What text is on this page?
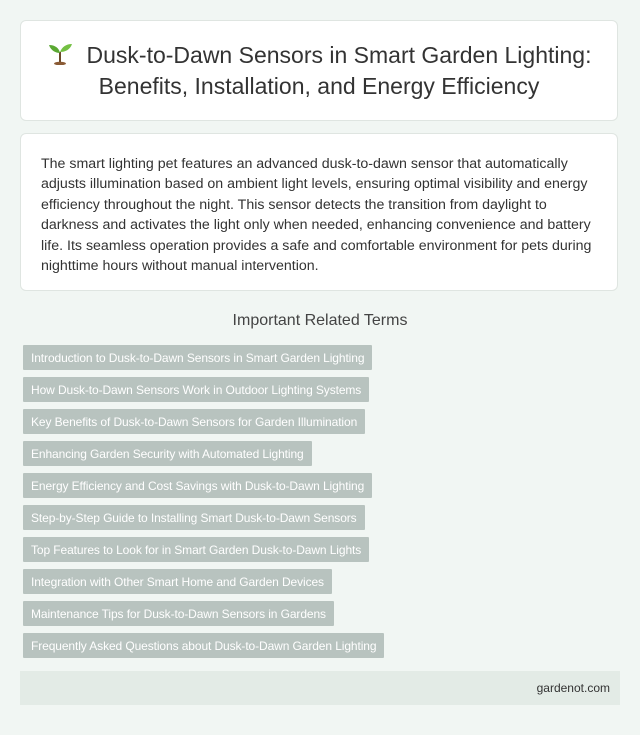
Dusk-to-Dawn Sensors in Smart Garden Lighting: Benefits, Installation, and Energy Efficiency

The smart lighting pet features an advanced dusk-to-dawn sensor that automatically adjusts illumination based on ambient light levels, ensuring optimal visibility and energy efficiency throughout the night. This sensor detects the transition from daylight to darkness and activates the light only when needed, enhancing convenience and battery life. Its seamless operation provides a safe and comfortable environment for pets during nighttime hours without manual intervention.

Important Related Terms
Introduction to Dusk-to-Dawn Sensors in Smart Garden Lighting
How Dusk-to-Dawn Sensors Work in Outdoor Lighting Systems
Key Benefits of Dusk-to-Dawn Sensors for Garden Illumination
Enhancing Garden Security with Automated Lighting
Energy Efficiency and Cost Savings with Dusk-to-Dawn Lighting
Step-by-Step Guide to Installing Smart Dusk-to-Dawn Sensors
Top Features to Look for in Smart Garden Dusk-to-Dawn Lights
Integration with Other Smart Home and Garden Devices
Maintenance Tips for Dusk-to-Dawn Sensors in Gardens
Frequently Asked Questions about Dusk-to-Dawn Garden Lighting
gardenot.com
